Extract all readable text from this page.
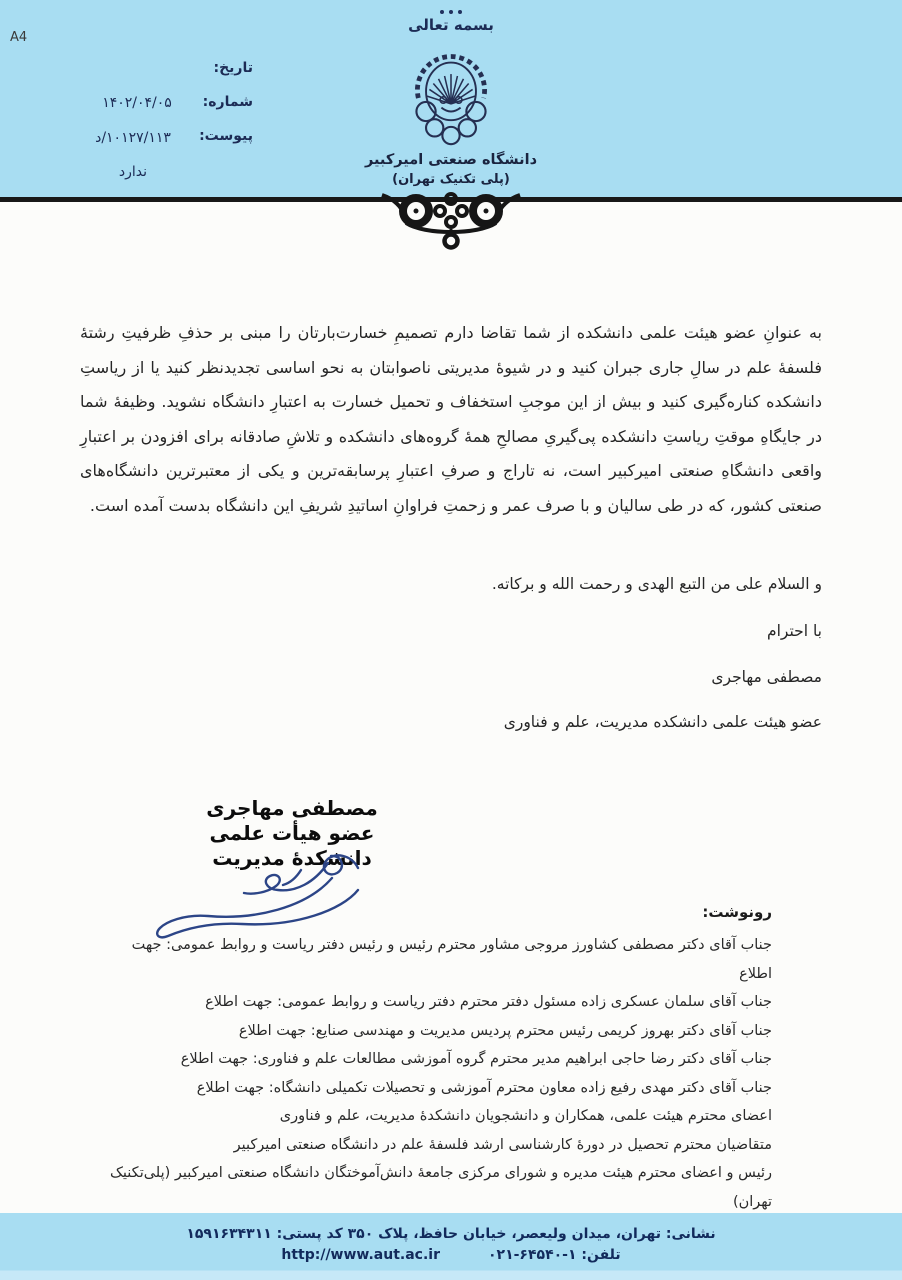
A4
بسمه تعالی
تاریخ:
شماره:
پیوست:
۱۴۰۲/۰۴/۰۵
د/۱۰۱۲۷/۱۱۳
ندارد
دانشگاه صنعتی امیرکبیر
(پلی تکنیک تهران)
به عنوانِ عضو هیئت علمی دانشکده از شما تقاضا دارم تصمیمِ خسارت‌بارتان را مبنی بر حذفِ ظرفیتِ رشتهٔ فلسفهٔ علم در سالِ جاری جبران کنید و در شیوهٔ مدیریتی ناصوابتان به نحو اساسی تجدیدنظر کنید یا از ریاستِ دانشکده کناره‌گیری کنید و بیش از این موجبِ استخفاف و تحمیل خسارت به اعتبارِ دانشگاه نشوید. وظیفهٔ شما در جایگاهِ موقتِ ریاستِ دانشکده پی‌گیریِ مصالحِ همهٔ گروه‌های دانشکده و تلاشِ صادقانه برای افزودن بر اعتبارِ واقعی دانشگاهِ صنعتی امیرکبیر است، نه تاراج و صرفِ اعتبارِ پرسابقه‌ترین و یکی از معتبرترین دانشگاه‌های صنعتی کشور، که در طی سالیان و با صرف عمر و زحمتِ فراوانِ اساتیدِ شریفِ این دانشگاه بدست آمده است.
و السلام علی من التبع الهدی و رحمت الله و برکاته.
با احترام
مصطفی مهاجری
عضو هیئت علمی دانشکده مدیریت، علم و فناوری
مصطفی مهاجری
عضو هیأت علمی
دانشکدۀ مدیریت
رونوشت:
جناب آقای دکتر مصطفی کشاورز مروجی مشاور محترم رئیس و رئیس دفتر ریاست و روابط عمومی: جهت اطلاع
جناب آقای سلمان عسکری زاده مسئول دفتر محترم دفتر ریاست و روابط عمومی: جهت اطلاع
جناب آقای دکتر بهروز کریمی رئیس محترم پردیس مدیریت و مهندسی صنایع: جهت اطلاع
جناب آقای دکتر رضا حاجی ابراهیم مدیر محترم گروه آموزشی مطالعات علم و فناوری: جهت اطلاع
جناب آقای دکتر مهدی رفیع زاده معاون محترم آموزشی و تحصیلات تکمیلی دانشگاه: جهت اطلاع
اعضای محترم هیئت علمی، همکاران و دانشجویان دانشکدهٔ مدیریت، علم و فناوری
متقاضیان محترم تحصیل در دورهٔ کارشناسی ارشد فلسفهٔ علم در دانشگاه صنعتی امیرکبیر
رئیس و اعضای محترم هیئت مدیره و شورای مرکزی جامعهٔ دانش‌آموختگان دانشگاه صنعتی امیرکبیر (پلی‌تکنیک تهران)
نشانی: تهران، میدان ولیعصر، خیابان حافظ، پلاک ۳۵۰ کد پستی: ۱۵۹۱۶۳۴۳۱۱
تلفن: ۰۲۱-۶۴۵۴۰-۱
http://www.aut.ac.ir
